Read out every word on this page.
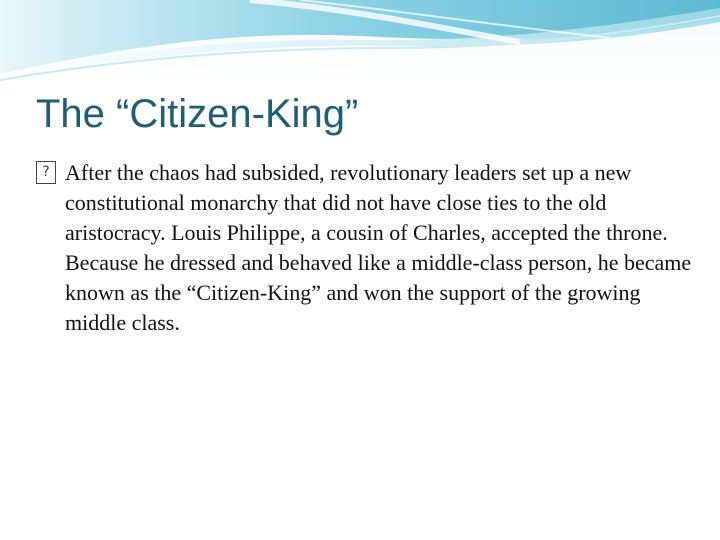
The “Citizen-King”

? After the chaos had subsided, revolutionary leaders set up a new constitutional monarchy that did not have close ties to the old aristocracy. Louis Philippe, a cousin of Charles, accepted the throne. Because he dressed and behaved like a middle-class person, he became known as the “Citizen-King” and won the support of the growing middle class.
